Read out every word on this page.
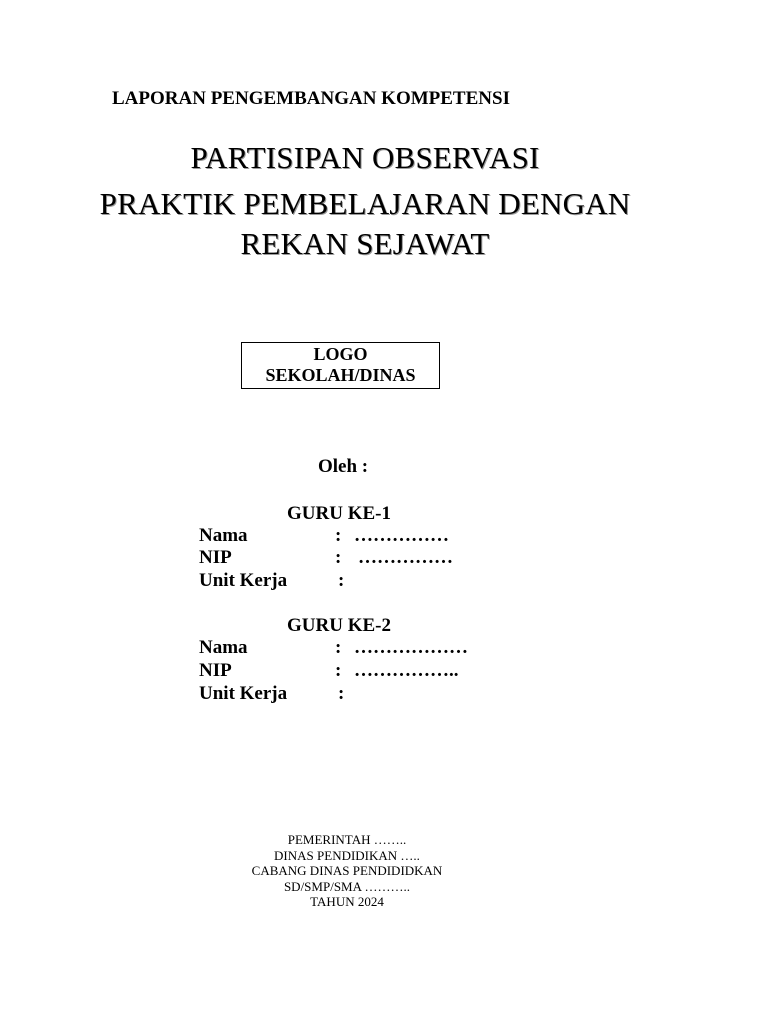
LAPORAN PENGEMBANGAN KOMPETENSI
PARTISIPAN OBSERVASI
PRAKTIK PEMBELAJARAN DENGAN
REKAN SEJAWAT
LOGO
SEKOLAH/DINAS
Oleh :
GURU KE-1
Nama	: ……………
NIP	: ……………
Unit Kerja	:
GURU KE-2
Nama	: ………………
NIP	: ……………..
Unit Kerja	:
PEMERINTAH ……..
DINAS PENDIDIKAN …..
CABANG DINAS PENDIDIDKAN
SD/SMP/SMA ………..
TAHUN 2024
